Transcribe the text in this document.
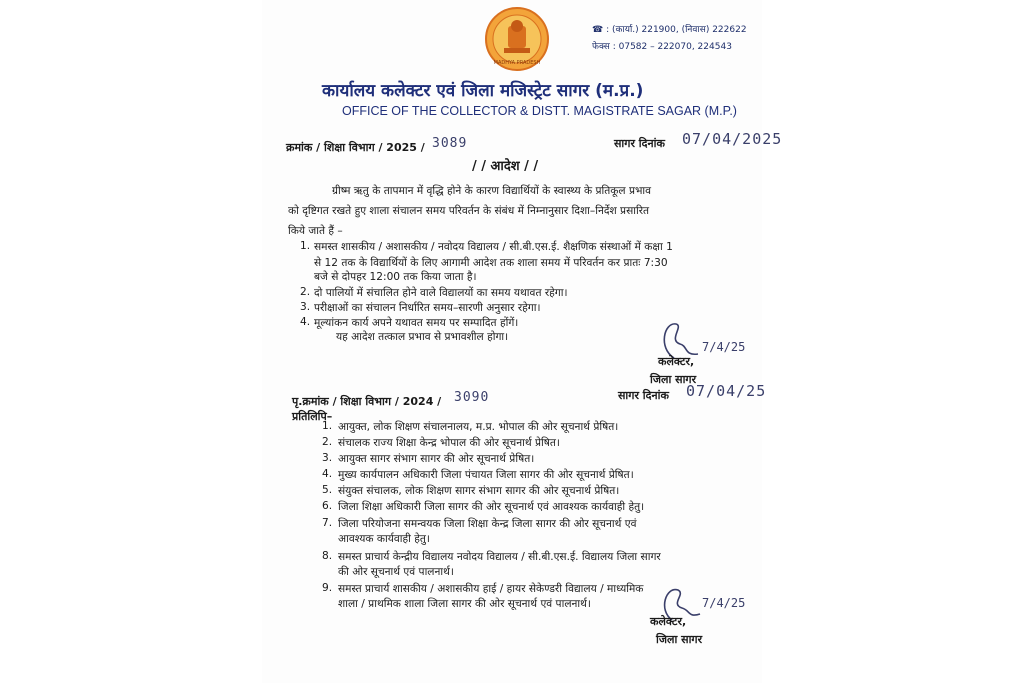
MADHYA PRADESH
☎ : (कार्या.) 221900, (निवास) 222622
फेक्स : 07582 – 222070, 224543
कार्यालय कलेक्टर एवं जिला मजिस्ट्रेट सागर (म.प्र.)
OFFICE OF THE COLLECTOR & DISTT. MAGISTRATE SAGAR (M.P.)
क्रमांक / शिक्षा विभाग / 2025 / 3089	सागर दिनांक 07/04/2025
/ / आदेश / /
ग्रीष्म ऋतु के तापमान में वृद्धि होने के कारण विद्यार्थियों के स्वास्थ्य के प्रतिकूल प्रभाव
को दृष्टिगत रखते हुए शाला संचालन समय परिवर्तन के संबंध में निम्नानुसार दिशा–निर्देश प्रसारित
किये जाते हैं –
1. समस्त शासकीय / अशासकीय / नवोदय विद्यालय / सी.बी.एस.ई. शैक्षणिक संस्थाओं में कक्षा 1
से 12 तक के विद्यार्थियों के लिए आगामी आदेश तक शाला समय में परिवर्तन कर प्रातः 7:30
बजे से दोपहर 12:00 तक किया जाता है।
2. दो पालियों में संचालित होने वाले विद्यालयों का समय यथावत रहेगा।
3. परीक्षाओं का संचालन निर्धारित समय–सारणी अनुसार रहेगा।
4. मूल्यांकन कार्य अपने यथावत समय पर सम्पादित होंगें।
यह आदेश तत्काल प्रभाव से प्रभावशील होगा।
7/4/25
कलेक्टर,
जिला सागर
पृ.क्रमांक / शिक्षा विभाग / 2024 / 3090	सागर दिनांक 07/04/25
प्रतिलिपि–
1. आयुक्त, लोक शिक्षण संचालनालय, म.प्र. भोपाल की ओर सूचनार्थ प्रेषित।
2. संचालक राज्य शिक्षा केन्द्र भोपाल की ओर सूचनार्थ प्रेषित।
3. आयुक्त सागर संभाग सागर की ओर सूचनार्थ प्रेषित।
4. मुख्य कार्यपालन अधिकारी जिला पंचायत जिला सागर की ओर सूचनार्थ प्रेषित।
5. संयुक्त संचालक, लोक शिक्षण सागर संभाग सागर की ओर सूचनार्थ प्रेषित।
6. जिला शिक्षा अधिकारी जिला सागर की ओर सूचनार्थ एवं आवश्यक कार्यवाही हेतु।
7. जिला परियोजना समन्वयक जिला शिक्षा केन्द्र जिला सागर की ओर सूचनार्थ एवं
आवश्यक कार्यवाही हेतु।
8. समस्त प्राचार्य केन्द्रीय विद्यालय नवोदय विद्यालय / सी.बी.एस.ई. विद्यालय जिला सागर
की ओर सूचनार्थ एवं पालनार्थ।
9. समस्त प्राचार्य शासकीय / अशासकीय हाई / हायर सेकेण्डरी विद्यालय / माध्यमिक
शाला / प्राथमिक शाला जिला सागर की ओर सूचनार्थ एवं पालनार्थ।	7/4/25
कलेक्टर,
जिला सागर
